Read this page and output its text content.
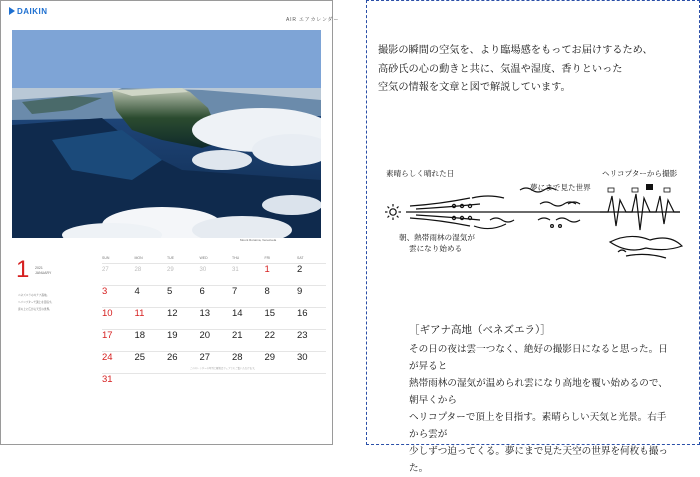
DAIKIN
AIR エアカレンダー
Mount Roraima, Venezuela
1 2021
JANUARY
ベネズエラのギアナ高地。
ヘリコプターで頂上を目指す。
雲の上に広がる天空の世界。
SUN	MON	TUE	WED	THU	FRI	SAT
27	28	29	30	31	1	2
3	4	5	6	7	8	9
10	11	12	13	14	15	16
17	18	19	20	21	22	23
24	25	26	27	28	29	30
31
このカレンダーの写真と解説はウェブでもご覧いただけます。
撮影の瞬間の空気を、より臨場感をもってお届けするため、
高砂氏の心の動きと共に、気温や湿度、香りといった
空気の情報を文章と図で解説しています。
素晴らしく晴れた日
夢にまで見た世界
ヘリコプターから撮影
朝、熱帯雨林の湿気が
雲になり始める
［ギアナ高地（ベネズエラ）］
その日の夜は雲一つなく、絶好の撮影日になると思った。日が昇ると
熱帯雨林の湿気が温められ雲になり高地を覆い始めるので、朝早くから
ヘリコプターで頂上を目指す。素晴らしい天気と光景。右手から雲が
少しずつ迫ってくる。夢にまで見た天空の世界を何枚も撮った。
